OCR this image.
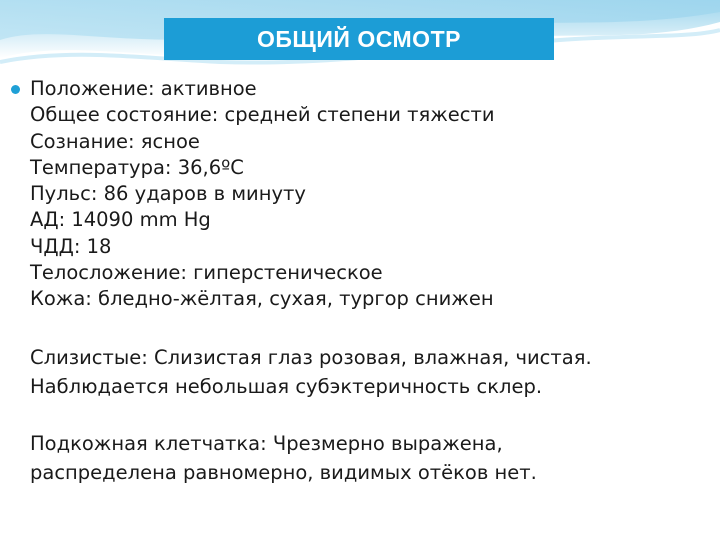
ОБЩИЙ ОСМОТР
Положение: активное
Общее состояние: средней степени тяжести
Сознание: ясное
Температура: 36,6ºС
Пульс: 86 ударов в минуту
АД: 14090 mm Hg
ЧДД: 18
Телосложение: гиперстеническое
Кожа: бледно-жёлтая, сухая, тургор снижен
Слизистые: Слизистая глаз розовая, влажная, чистая.
Наблюдается небольшая субэктеричность склер.
Подкожная клетчатка: Чрезмерно выражена,
распределена равномерно, видимых отёков нет.
